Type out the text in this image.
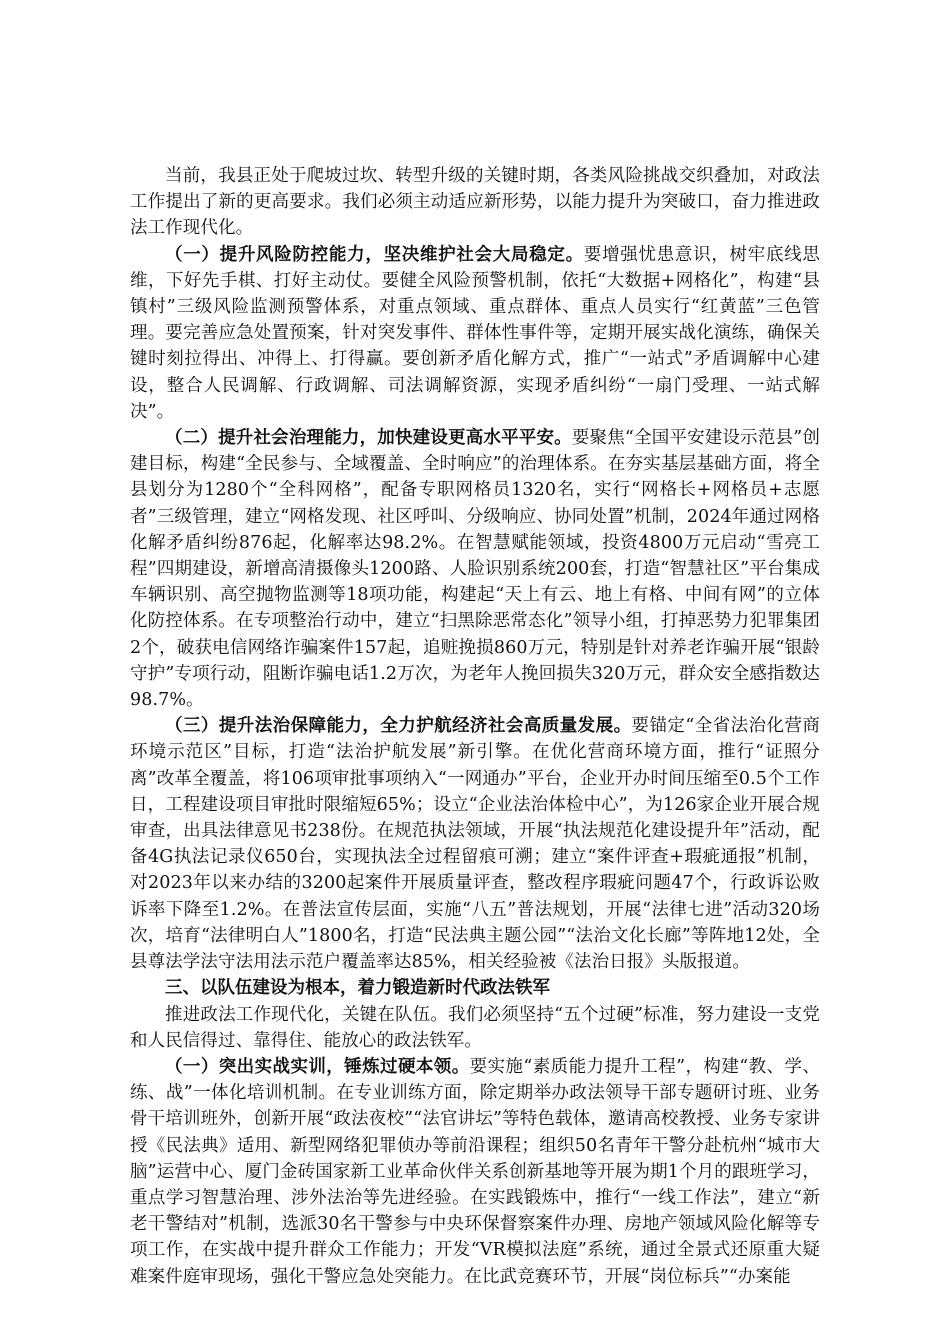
当前，我县正处于爬坡过坎、转型升级的关键时期，各类风险挑战交织叠加，对政法工作提出了新的更高要求。我们必须主动适应新形势，以能力提升为突破口，奋力推进政法工作现代化。

（一）提升风险防控能力，坚决维护社会大局稳定。要增强忧患意识，树牢底线思维，下好先手棋、打好主动仗。要健全风险预警机制，依托“大数据+网格化”，构建“县镇村”三级风险监测预警体系，对重点领域、重点群体、重点人员实行“红黄蓝”三色管理。要完善应急处置预案，针对突发事件、群体性事件等，定期开展实战化演练，确保关键时刻拉得出、冲得上、打得赢。要创新矛盾化解方式，推广“一站式”矛盾调解中心建设，整合人民调解、行政调解、司法调解资源，实现矛盾纠纷“一扇门受理、一站式解决”。

（二）提升社会治理能力，加快建设更高水平平安。要聚焦“全国平安建设示范县”创建目标，构建“全民参与、全域覆盖、全时响应”的治理体系。在夯实基层基础方面，将全县划分为1280个“全科网格”，配备专职网格员1320名，实行“网格长+网格员+志愿者”三级管理，建立“网格发现、社区呼叫、分级响应、协同处置”机制，2024年通过网格化解矛盾纠纷876起，化解率达98.2%。在智慧赋能领域，投资4800万元启动“雪亮工程”四期建设，新增高清摄像头1200路、人脸识别系统200套，打造“智慧社区”平台集成车辆识别、高空抛物监测等18项功能，构建起“天上有云、地上有格、中间有网”的立体化防控体系。在专项整治行动中，建立“扫黑除恶常态化”领导小组，打掉恶势力犯罪集团2个，破获电信网络诈骗案件157起，追赃挽损860万元，特别是针对养老诈骗开展“银龄守护”专项行动，阻断诈骗电话1.2万次，为老年人挽回损失320万元，群众安全感指数达98.7%。

（三）提升法治保障能力，全力护航经济社会高质量发展。要锚定“全省法治化营商环境示范区”目标，打造“法治护航发展”新引擎。在优化营商环境方面，推行“证照分离”改革全覆盖，将106项审批事项纳入“一网通办”平台，企业开办时间压缩至0.5个工作日，工程建设项目审批时限缩短65%；设立“企业法治体检中心”，为126家企业开展合规审查，出具法律意见书238份。在规范执法领域，开展“执法规范化建设提升年”活动，配备4G执法记录仪650台，实现执法全过程留痕可溯；建立“案件评查+瑕疵通报”机制，对2023年以来办结的3200起案件开展质量评查，整改程序瑕疵问题47个，行政诉讼败诉率下降至1.2%。在普法宣传层面，实施“八五”普法规划，开展“法律七进”活动320场次，培育“法律明白人”1800名，打造“民法典主题公园”“法治文化长廊”等阵地12处，全县尊法学法守法用法示范户覆盖率达85%，相关经验被《法治日报》头版报道。

三、以队伍建设为根本，着力锻造新时代政法铁军

推进政法工作现代化，关键在队伍。我们必须坚持“五个过硬”标准，努力建设一支党和人民信得过、靠得住、能放心的政法铁军。

（一）突出实战实训，锤炼过硬本领。要实施“素质能力提升工程”，构建“教、学、练、战”一体化培训机制。在专业训练方面，除定期举办政法领导干部专题研讨班、业务骨干培训班外，创新开展“政法夜校”“法官讲坛”等特色载体，邀请高校教授、业务专家讲授《民法典》适用、新型网络犯罪侦办等前沿课程；组织50名青年干警分赴杭州“城市大脑”运营中心、厦门金砖国家新工业革命伙伴关系创新基地等开展为期1个月的跟班学习，重点学习智慧治理、涉外法治等先进经验。在实践锻炼中，推行“一线工作法”，建立“新老干警结对”机制，选派30名干警参与中央环保督察案件办理、房地产领域风险化解等专项工作，在实战中提升群众工作能力；开发“VR模拟法庭”系统，通过全景式还原重大疑难案件庭审现场，强化干警应急处突能力。在比武竞赛环节，开展“岗位标兵”“办案能
